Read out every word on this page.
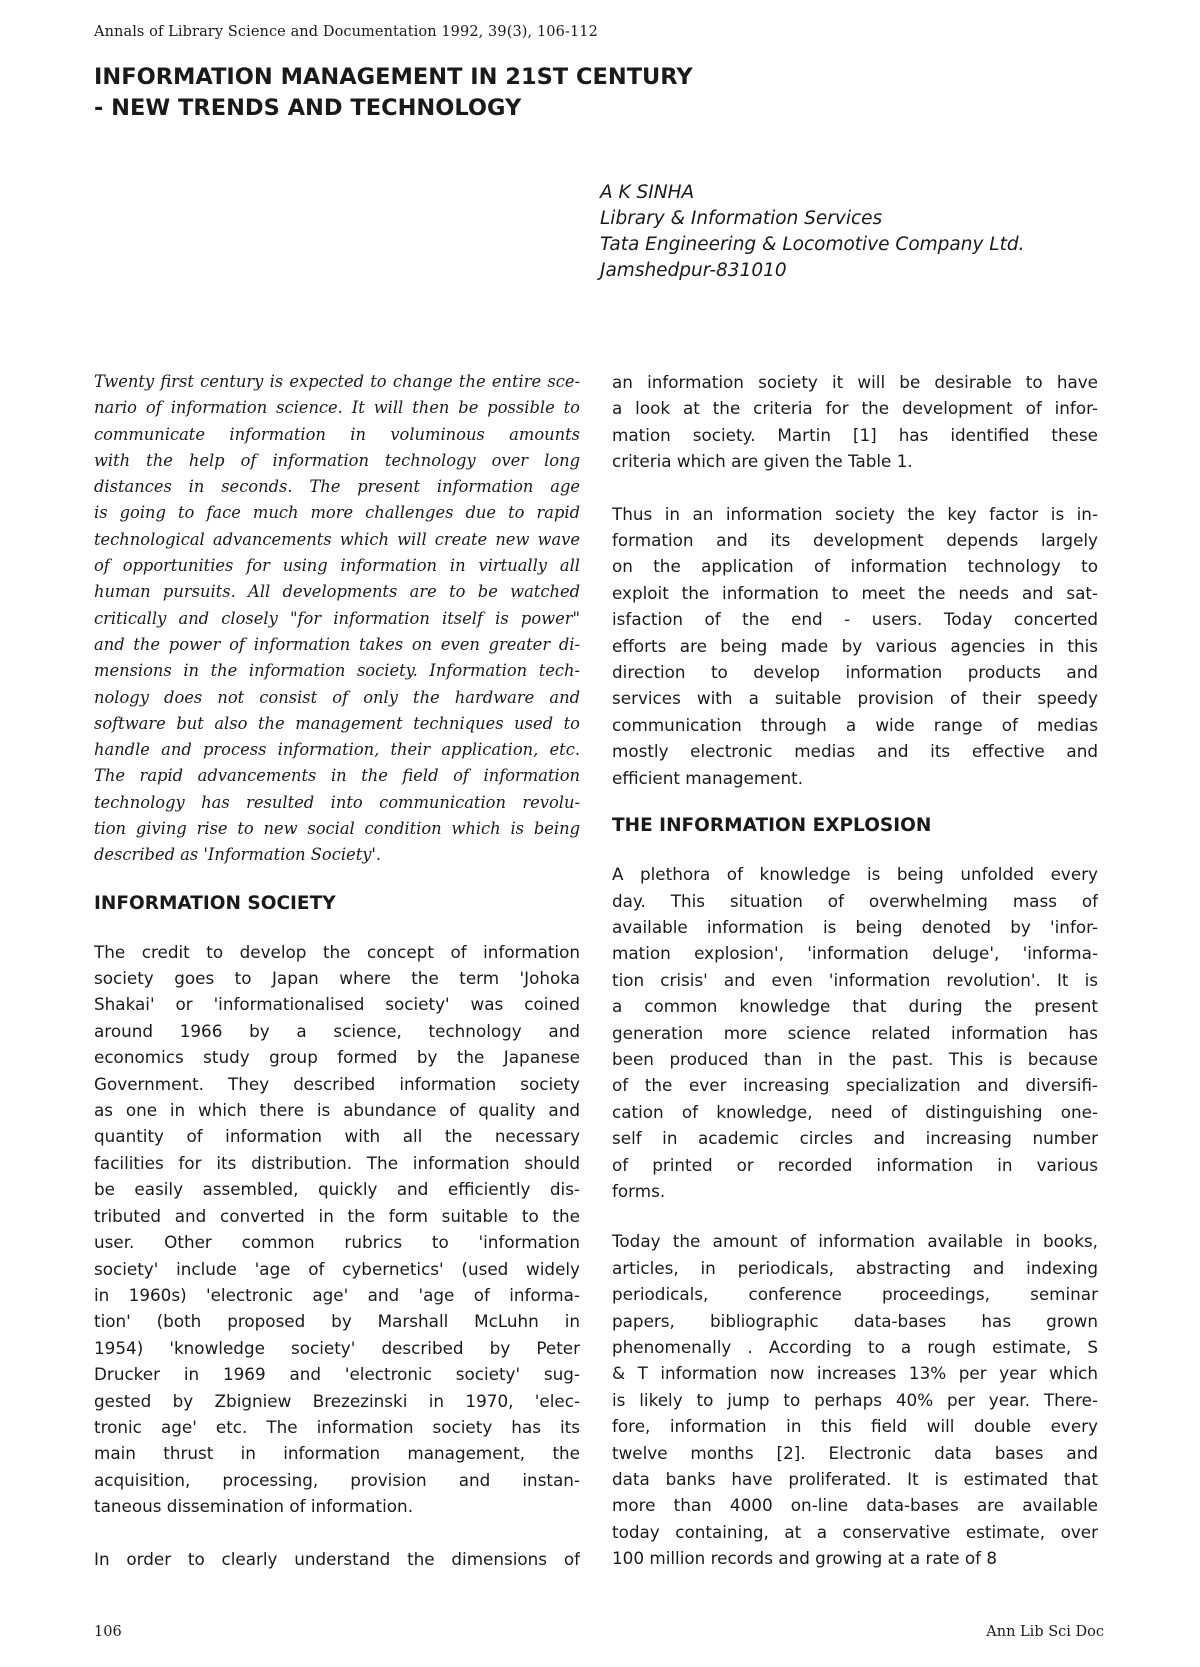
Annals of Library Science and Documentation 1992, 39(3), 106-112
INFORMATION MANAGEMENT IN 21ST CENTURY
- NEW TRENDS AND TECHNOLOGY
A K SINHA
Library & Information Services
Tata Engineering & Locomotive Company Ltd.
Jamshedpur-831010
Twenty first century is expected to change the entire sce-
nario of information science. It will then be possible to
communicate information in voluminous amounts
with the help of information technology over long
distances in seconds. The present information age
is going to face much more challenges due to rapid
technological advancements which will create new wave
of opportunities for using information in virtually all
human pursuits. All developments are to be watched
critically and closely "for information itself is power"
and the power of information takes on even greater di-
mensions in the information society. Information tech-
nology does not consist of only the hardware and
software but also the management techniques used to
handle and process information, their application, etc.
The rapid advancements in the field of information
technology has resulted into communication revolu-
tion giving rise to new social condition which is being
described as 'Information Society'.
INFORMATION SOCIETY
The credit to develop the concept of information
society goes to Japan where the term 'Johoka
Shakai' or 'informationalised society' was coined
around 1966 by a science, technology and
economics study group formed by the Japanese
Government. They described information society
as one in which there is abundance of quality and
quantity of information with all the necessary
facilities for its distribution. The information should
be easily assembled, quickly and efficiently dis-
tributed and converted in the form suitable to the
user. Other common rubrics to 'information
society' include 'age of cybernetics' (used widely
in 1960s) 'electronic age' and 'age of informa-
tion' (both proposed by Marshall McLuhn in
1954) 'knowledge society' described by Peter
Drucker in 1969 and 'electronic society' sug-
gested by Zbigniew Brezezinski in 1970, 'elec-
tronic age' etc. The information society has its
main thrust in information management, the
acquisition, processing, provision and instan-
taneous dissemination of information.
In order to clearly understand the dimensions of
an information society it will be desirable to have
a look at the criteria for the development of infor-
mation society. Martin [1] has identified these
criteria which are given the Table 1.
Thus in an information society the key factor is in-
formation and its development depends largely
on the application of information technology to
exploit the information to meet the needs and sat-
isfaction of the end - users. Today concerted
efforts are being made by various agencies in this
direction to develop information products and
services with a suitable provision of their speedy
communication through a wide range of medias
mostly electronic medias and its effective and
efficient management.
THE INFORMATION EXPLOSION
A plethora of knowledge is being unfolded every
day. This situation of overwhelming mass of
available information is being denoted by 'infor-
mation explosion', 'information deluge', 'informa-
tion crisis' and even 'information revolution'. It is
a common knowledge that during the present
generation more science related information has
been produced than in the past. This is because
of the ever increasing specialization and diversifi-
cation of knowledge, need of distinguishing one-
self in academic circles and increasing number
of printed or recorded information in various
forms.
Today the amount of information available in books,
articles, in periodicals, abstracting and indexing
periodicals, conference proceedings, seminar
papers, bibliographic data-bases has grown
phenomenally . According to a rough estimate, S
& T information now increases 13% per year which
is likely to jump to perhaps 40% per year. There-
fore, information in this field will double every
twelve months [2]. Electronic data bases and
data banks have proliferated. It is estimated that
more than 4000 on-line data-bases are available
today containing, at a conservative estimate, over
100 million records and growing at a rate of 8
106	Ann Lib Sci Doc
